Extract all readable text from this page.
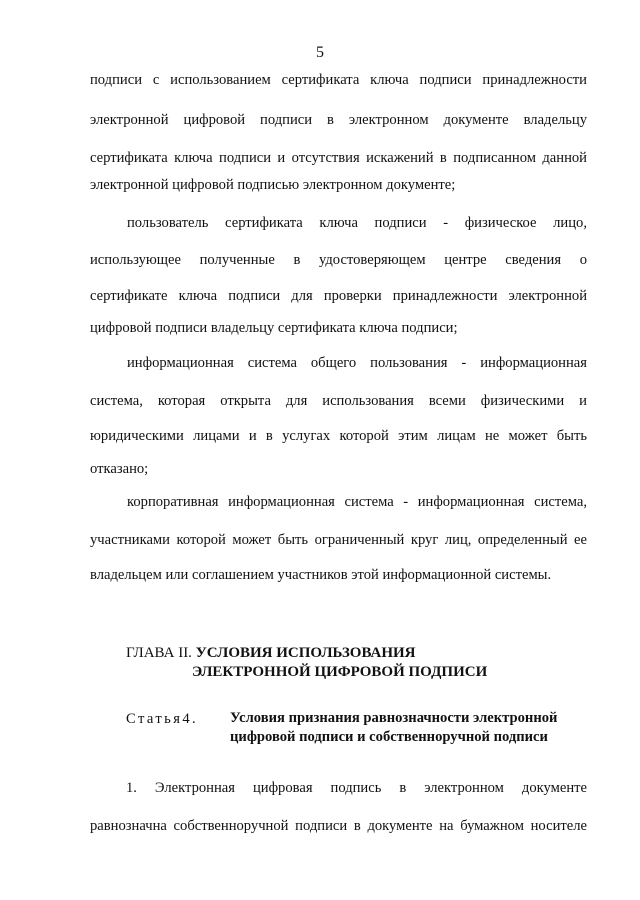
5
подписи с использованием сертификата ключа подписи принадлежности
электронной цифровой подписи в электронном документе владельцу
сертификата ключа подписи и отсутствия искажений в подписанном данной
электронной цифровой подписью электронном документе;
пользователь сертификата ключа подписи - физическое лицо,
использующее полученные в удостоверяющем центре сведения о
сертификате ключа подписи для проверки принадлежности электронной
цифровой подписи владельцу сертификата ключа подписи;
информационная система общего пользования - информационная
система, которая открыта для использования всеми физическими и
юридическими лицами и в услугах которой этим лицам не может быть
отказано;
корпоративная информационная система - информационная система,
участниками которой может быть ограниченный круг лиц, определенный ее
владельцем или соглашением участников этой информационной системы.
ГЛАВА II. УСЛОВИЯ ИСПОЛЬЗОВАНИЯ
ЭЛЕКТРОННОЙ ЦИФРОВОЙ ПОДПИСИ
Статья4. Условия признания равнозначности электронной
цифровой подписи и собственноручной подписи
1. Электронная цифровая подпись в электронном документе
равнозначна собственноручной подписи в документе на бумажном носителе
